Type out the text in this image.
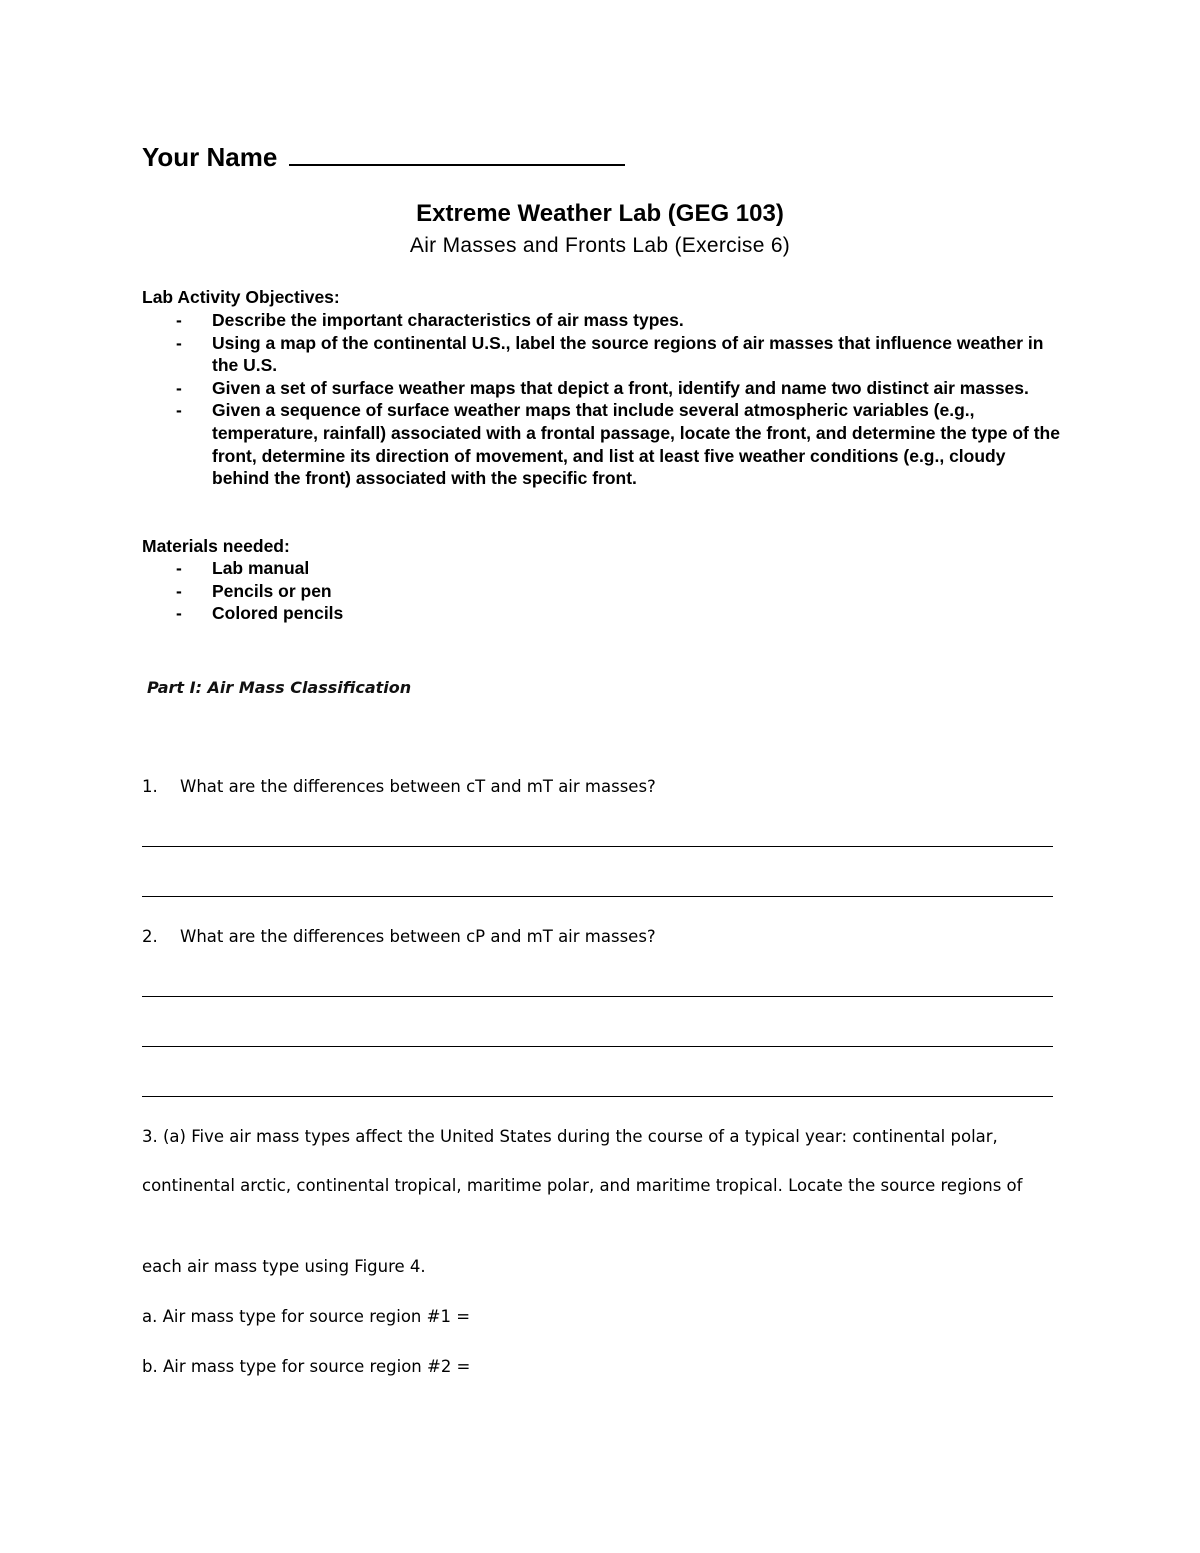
Your Name
Extreme Weather Lab (GEG 103)
Air Masses and Fronts Lab (Exercise 6)
Lab Activity Objectives:
- Describe the important characteristics of air mass types.
- Using a map of the continental U.S., label the source regions of air masses that influence weather in the U.S.
- Given a set of surface weather maps that depict a front, identify and name two distinct air masses.
- Given a sequence of surface weather maps that include several atmospheric variables (e.g., temperature, rainfall) associated with a frontal passage, locate the front, and determine the type of the front, determine its direction of movement, and list at least five weather conditions (e.g., cloudy behind the front) associated with the specific front.
Materials needed:
- Lab manual
- Pencils or pen
- Colored pencils
Part I: Air Mass Classification
1. What are the differences between cT and mT air masses?
2. What are the differences between cP and mT air masses?
3. (a) Five air mass types affect the United States during the course of a typical year: continental polar,
continental arctic, continental tropical, maritime polar, and maritime tropical. Locate the source regions of
each air mass type using Figure 4.
a. Air mass type for source region #1 =
b. Air mass type for source region #2 =
